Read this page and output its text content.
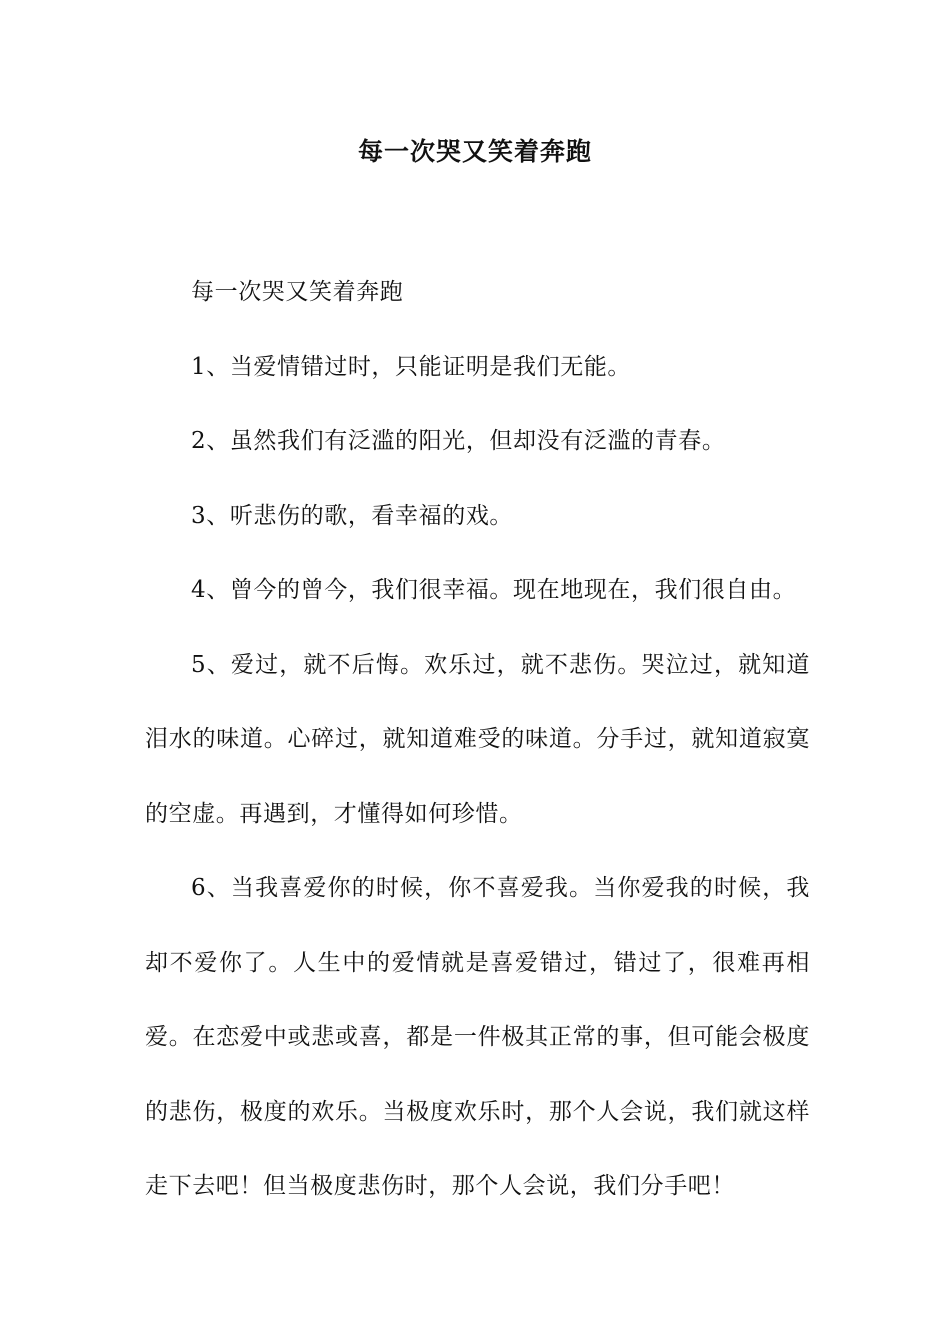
每一次哭又笑着奔跑

每一次哭又笑着奔跑

1、当爱情错过时，只能证明是我们无能。

2、虽然我们有泛滥的阳光，但却没有泛滥的青春。

3、听悲伤的歌，看幸福的戏。

4、曾今的曾今，我们很幸福。现在地现在，我们很自由。

5、爱过，就不后悔。欢乐过，就不悲伤。哭泣过，就知道泪水的味道。心碎过，就知道难受的味道。分手过，就知道寂寞的空虚。再遇到，才懂得如何珍惜。

6、当我喜爱你的时候，你不喜爱我。当你爱我的时候，我却不爱你了。人生中的爱情就是喜爱错过，错过了，很难再相爱。在恋爱中或悲或喜，都是一件极其正常的事，但可能会极度的悲伤，极度的欢乐。当极度欢乐时，那个人会说，我们就这样走下去吧！但当极度悲伤时，那个人会说，我们分手吧！
